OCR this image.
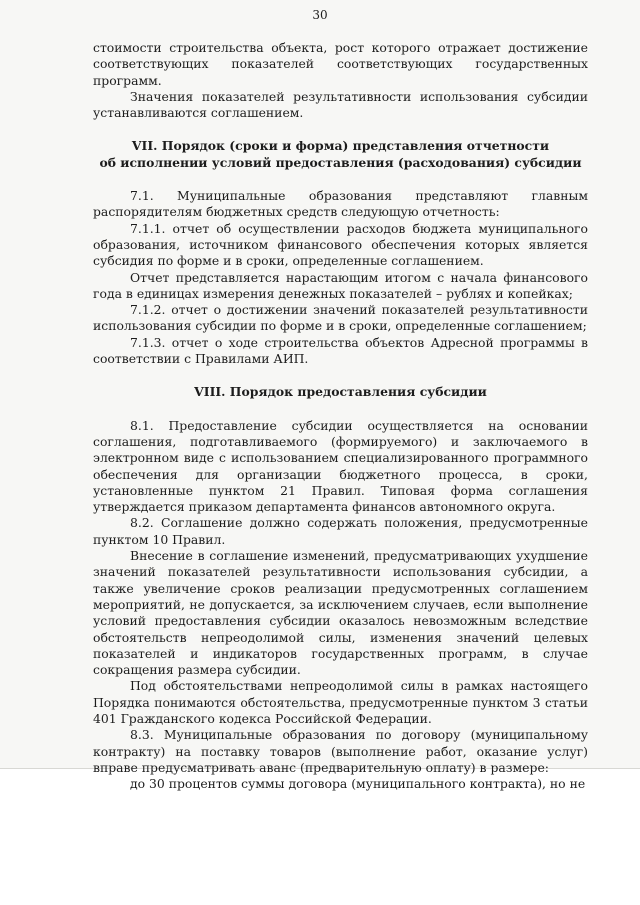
30

стоимости строительства объекта, рост которого отражает достижение соответствующих показателей соответствующих государственных программ.

Значения показателей результативности использования субсидии устанавливаются соглашением.

VII. Порядок (сроки и форма) представления отчетности
об исполнении условий предоставления (расходования) субсидии

7.1. Муниципальные образования представляют главным распорядителям бюджетных средств следующую отчетность:

7.1.1. отчет об осуществлении расходов бюджета муниципального образования, источником финансового обеспечения которых является субсидия по форме и в сроки, определенные соглашением.

Отчет представляется нарастающим итогом с начала финансового года в единицах измерения денежных показателей – рублях и копейках;

7.1.2. отчет о достижении значений показателей результативности использования субсидии по форме и в сроки, определенные соглашением;

7.1.3. отчет о ходе строительства объектов Адресной программы в соответствии с Правилами АИП.

VIII. Порядок предоставления субсидии

8.1. Предоставление субсидии осуществляется на основании соглашения, подготавливаемого (формируемого) и заключаемого в электронном виде с использованием специализированного программного обеспечения для организации бюджетного процесса, в сроки, установленные пунктом 21 Правил. Типовая форма соглашения утверждается приказом департамента финансов автономного округа.

8.2. Соглашение должно содержать положения, предусмотренные пунктом 10 Правил.

Внесение в соглашение изменений, предусматривающих ухудшение значений показателей результативности использования субсидии, а также увеличение сроков реализации предусмотренных соглашением мероприятий, не допускается, за исключением случаев, если выполнение условий предоставления субсидии оказалось невозможным вследствие обстоятельств непреодолимой силы, изменения значений целевых показателей и индикаторов государственных программ, в случае сокращения размера субсидии.

Под обстоятельствами непреодолимой силы в рамках настоящего Порядка понимаются обстоятельства, предусмотренные пунктом 3 статьи 401 Гражданского кодекса Российской Федерации.

8.3. Муниципальные образования по договору (муниципальному контракту) на поставку товаров (выполнение работ, оказание услуг) вправе предусматривать аванс (предварительную оплату) в размере:

до 30 процентов суммы договора (муниципального контракта), но не
